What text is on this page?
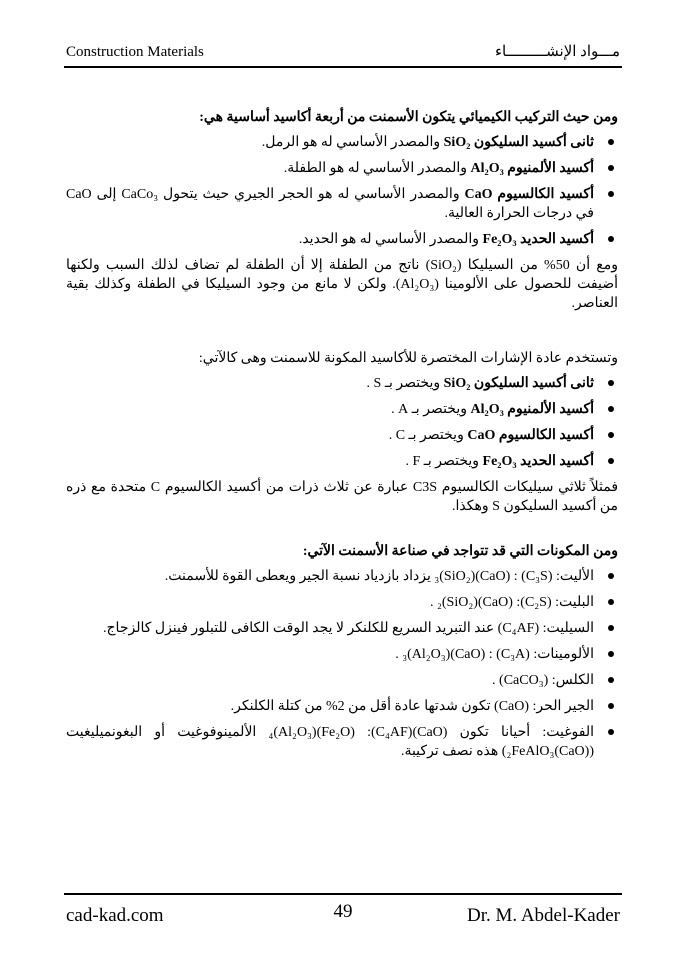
Construction Materials	مـــواد الإنشـــــــــاء

ومن حيث التركيب الكيميائي يتكون الأسمنت من أربعة أكاسيد أساسية هي:

ثانى أكسيد السليكون SiO₂ والمصدر الأساسي له هو الرمل.
أكسيد الألمنيوم Al₂O₃ والمصدر الأساسي له هو الطفلة.
أكسيد الكالسيوم CaO والمصدر الأساسي له هو الحجر الجيري حيث يتحول CaCo₃ إلى CaO في درجات الحرارة العالية.
أكسيد الحديد Fe₂O₃ والمصدر الأساسي له هو الحديد.

ومع أن 50% من السيليكا (SiO₂) ناتج من الطفلة إلا أن الطفلة لم تضاف لذلك السبب ولكنها أضيفت للحصول على الألومينا (Al₂O₃). ولكن لا مانع من وجود السيليكا في الطفلة وكذلك بقية العناصر.

وتستخدم عادة الإشارات المختصرة للأكاسيد المكونة للاسمنت وهى كالآتي:

ثانى أكسيد السليكون SiO₂ ويختصر بـ S .
أكسيد الألمنيوم Al₂O₃ ويختصر بـ A .
أكسيد الكالسيوم CaO ويختصر بـ C .
أكسيد الحديد Fe₂O₃ ويختصر بـ F .

فمثلاً ثلاثي سيليكات الكالسيوم C3S عبارة عن ثلاث ذرات من أكسيد الكالسيوم C متحدة مع ذره من أكسيد السليكون S وهكذا.

ومن المكونات التي قد تتواجد في صناعة الأسمنت الآتي:

الأليت: (C₃S) : (CaO)₃(SiO₂) يزداد بازدياد نسبة الجير ويعطى القوة للأسمنت.
البليت: (C₂S): (CaO)₂(SiO₂) .
السيليت: (C₄AF) عند التبريد السريع للكلنكر لا يجد الوقت الكافى للتبلور فينزل كالزجاج.
الألومينات: (C₃A) : (CaO)₃(Al₂O₃) .
الكلس: (CaCO₃) .
الجير الحر: (CaO) تكون شدتها عادة أقل من 2% من كتلة الكلنكر.
الفوغيت: أحيانا تكون (CaO)₄(Al₂O₃)(Fe₂O) :(C₄AF) الألمينوفوغيت أو البغونميليغيت ((CaO)₂FeAlO₃) هذه نصف تركيبة.
cad-kad.com	49	Dr. M. Abdel-Kader
